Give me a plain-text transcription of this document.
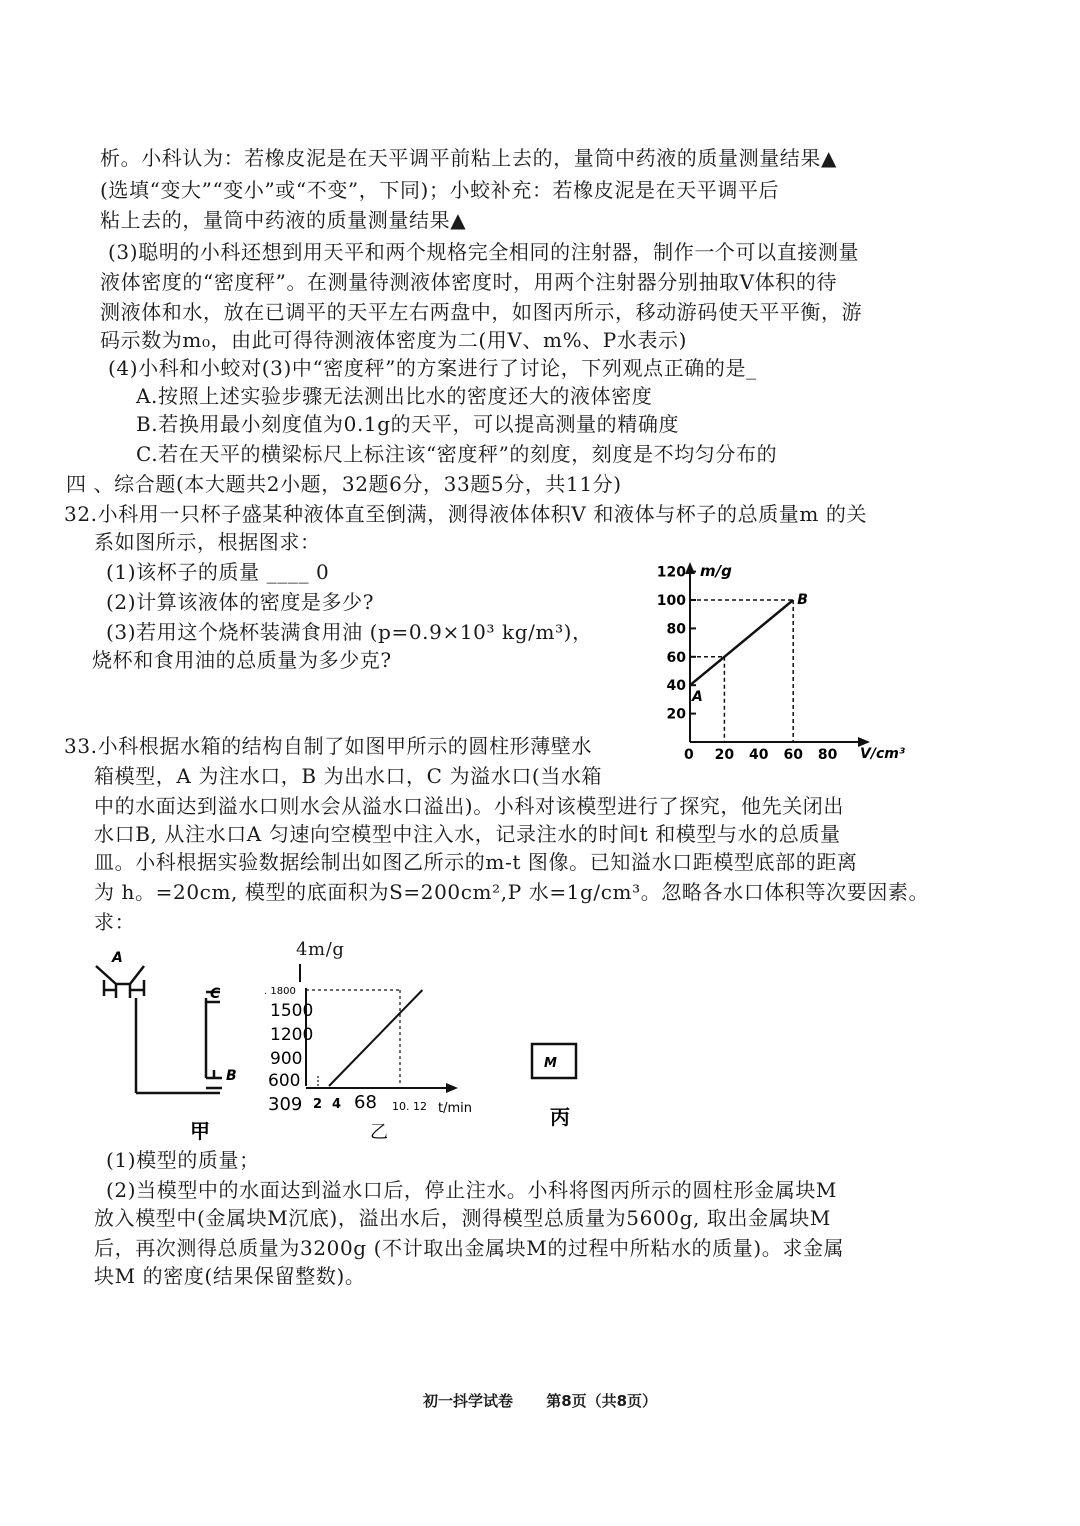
析。小科认为：若橡皮泥是在天平调平前粘上去的，量筒中药液的质量测量结果▲
(选填“变大”“变小”或“不变”，下同)；小蛟补充：若橡皮泥是在天平调平后
粘上去的，量筒中药液的质量测量结果▲
(3)聪明的小科还想到用天平和两个规格完全相同的注射器，制作一个可以直接测量
液体密度的“密度秤”。在测量待测液体密度时，用两个注射器分别抽取V体积的待
测液体和水，放在已调平的天平左右两盘中，如图丙所示，移动游码使天平平衡，游
码示数为m₀，由此可得待测液体密度为二(用V、m%、P水表示)
(4)小科和小蛟对(3)中“密度秤”的方案进行了讨论，下列观点正确的是_
A.按照上述实验步骤无法测出比水的密度还大的液体密度
B.若换用最小刻度值为0.1g的天平，可以提高测量的精确度
C.若在天平的横梁标尺上标注该“密度秤”的刻度，刻度是不均匀分布的
四 、综合题(本大题共2小题，32题6分，33题5分，共11分)
32.小科用一只杯子盛某种液体直至倒满，测得液体体积V 和液体与杯子的总质量m 的关
系如图所示，根据图求：
(1)该杯子的质量 ____ 0
(2)计算该液体的密度是多少?
(3)若用这个烧杯装满食用油 (p=0.9×10³ kg/m³)，
烧杯和食用油的总质量为多少克?
m/g
V/cm³
0
120
100
80
60
40
20
20 40 60 80
A
B
33.小科根据水箱的结构自制了如图甲所示的圆柱形薄壁水
箱模型，A 为注水口，B 为出水口，C 为溢水口(当水箱
中的水面达到溢水口则水会从溢水口溢出)。小科对该模型进行了探究，他先关闭出
水口B, 从注水口A 匀速向空模型中注入水，记录注水的时间t 和模型与水的总质量
皿。小科根据实验数据绘制出如图乙所示的m-t 图像。已知溢水口距模型底部的距离
为 h。=20cm, 模型的底面积为S=200cm²,P 水=1g/cm³。忽略各水口体积等次要因素。
求：
A
C
B
甲
4m/g
. 1800
1500
1200
900
600
309 2 4 68 10. 12 t/min
乙
M
丙
(1)模型的质量；
(2)当模型中的水面达到溢水口后，停止注水。小科将图丙所示的圆柱形金属块M
放入模型中(金属块M沉底)，溢出水后，测得模型总质量为5600g, 取出金属块M
后，再次测得总质量为3200g (不计取出金属块M的过程中所粘水的质量)。求金属
块M 的密度(结果保留整数)。
初一抖学试卷 第8页（共8页）
